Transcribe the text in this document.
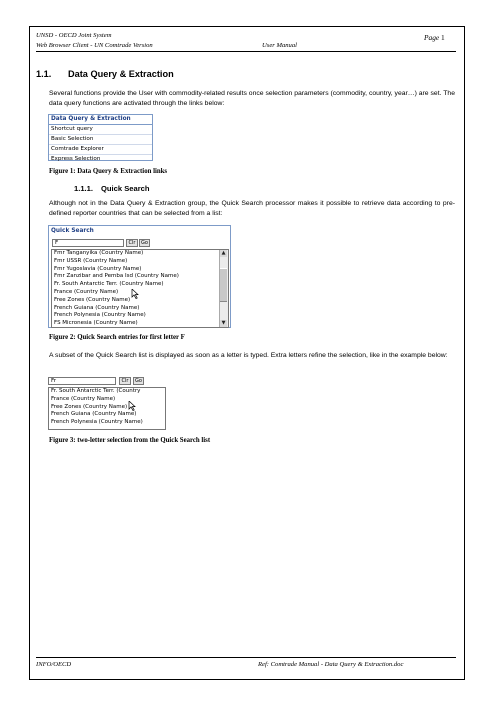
UNSD - OECD Joint System
Web Browser Client - UN Comtrade Version	User Manual
Page 1
1.1. Data Query & Extraction
Several functions provide the User with commodity-related results once selection parameters (commodity, country, year…) are set. The data query functions are activated through the links below:
Data Query & Extraction
Shortcut query
Basic Selection
Comtrade Explorer
Express Selection
Figure 1: Data Query & Extraction links
1.1.1. Quick Search
Although not in the Data Query & Extraction group, the Quick Search processor makes it possible to retrieve data according to pre-defined reporter countries that can be selected from a list:
Quick Search
F	Clr	Go
Fmr Tanganyika (Country Name)
Fmr USSR (Country Name)
Fmr Yugoslavia (Country Name)
Fmr Zanzibar and Pemba Isd (Country Name)
Fr. South Antarctic Terr. (Country Name)
France (Country Name)
Free Zones (Country Name)
French Guiana (Country Name)
French Polynesia (Country Name)
FS Micronesia (Country Name)
▲
▼
Figure 2: Quick Search entries for first letter F
A subset of the Quick Search list is displayed as soon as a letter is typed. Extra letters refine the selection, like in the example below:
Fr	Clr	Go
Fr. South Antarctic Terr. (Country
France (Country Name)
Free Zones (Country Name)
French Guiana (Country Name)
French Polynesia (Country Name)
Figure 3: two-letter selection from the Quick Search list
INFO/OECD	Ref: Comtrade Manual - Data Query & Extraction.doc
